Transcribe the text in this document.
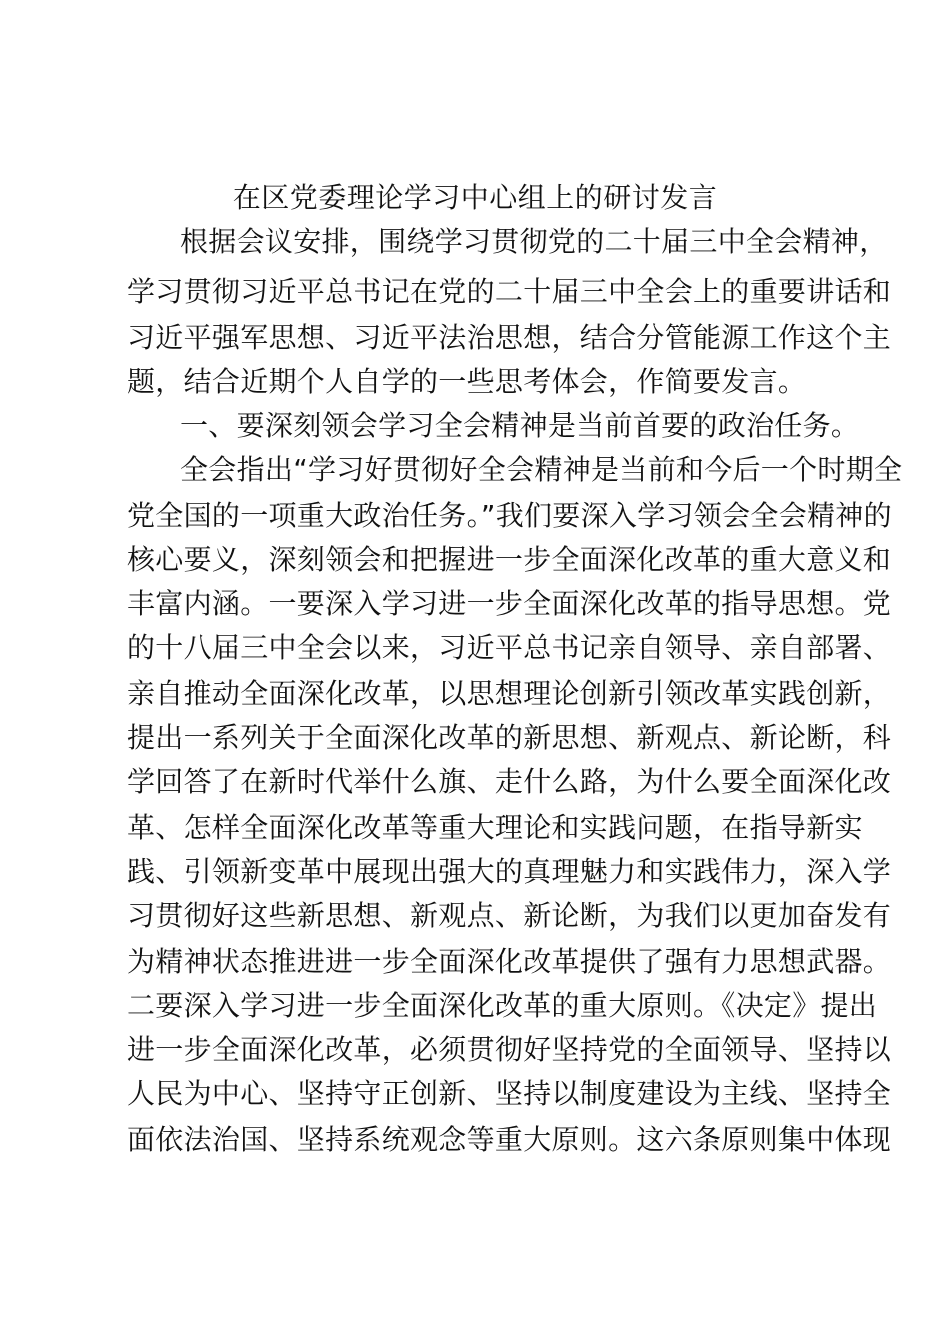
在区党委理论学习中心组上的研讨发言
根据会议安排，围绕学习贯彻党的二十届三中全会精神，
学习贯彻习近平总书记在党的二十届三中全会上的重要讲话和
习近平强军思想、习近平法治思想，结合分管能源工作这个主
题，结合近期个人自学的一些思考体会，作简要发言。
一、要深刻领会学习全会精神是当前首要的政治任务。
全会指出“学习好贯彻好全会精神是当前和今后一个时期全
党全国的一项重大政治任务。”我们要深入学习领会全会精神的
核心要义，深刻领会和把握进一步全面深化改革的重大意义和
丰富内涵。一要深入学习进一步全面深化改革的指导思想。党
的十八届三中全会以来，习近平总书记亲自领导、亲自部署、
亲自推动全面深化改革，以思想理论创新引领改革实践创新，
提出一系列关于全面深化改革的新思想、新观点、新论断，科
学回答了在新时代举什么旗、走什么路，为什么要全面深化改
革、怎样全面深化改革等重大理论和实践问题，在指导新实
践、引领新变革中展现出强大的真理魅力和实践伟力，深入学
习贯彻好这些新思想、新观点、新论断，为我们以更加奋发有
为精神状态推进进一步全面深化改革提供了强有力思想武器。
二要深入学习进一步全面深化改革的重大原则。《决定》提出
进一步全面深化改革，必须贯彻好坚持党的全面领导、坚持以
人民为中心、坚持守正创新、坚持以制度建设为主线、坚持全
面依法治国、坚持系统观念等重大原则。这六条原则集中体现
